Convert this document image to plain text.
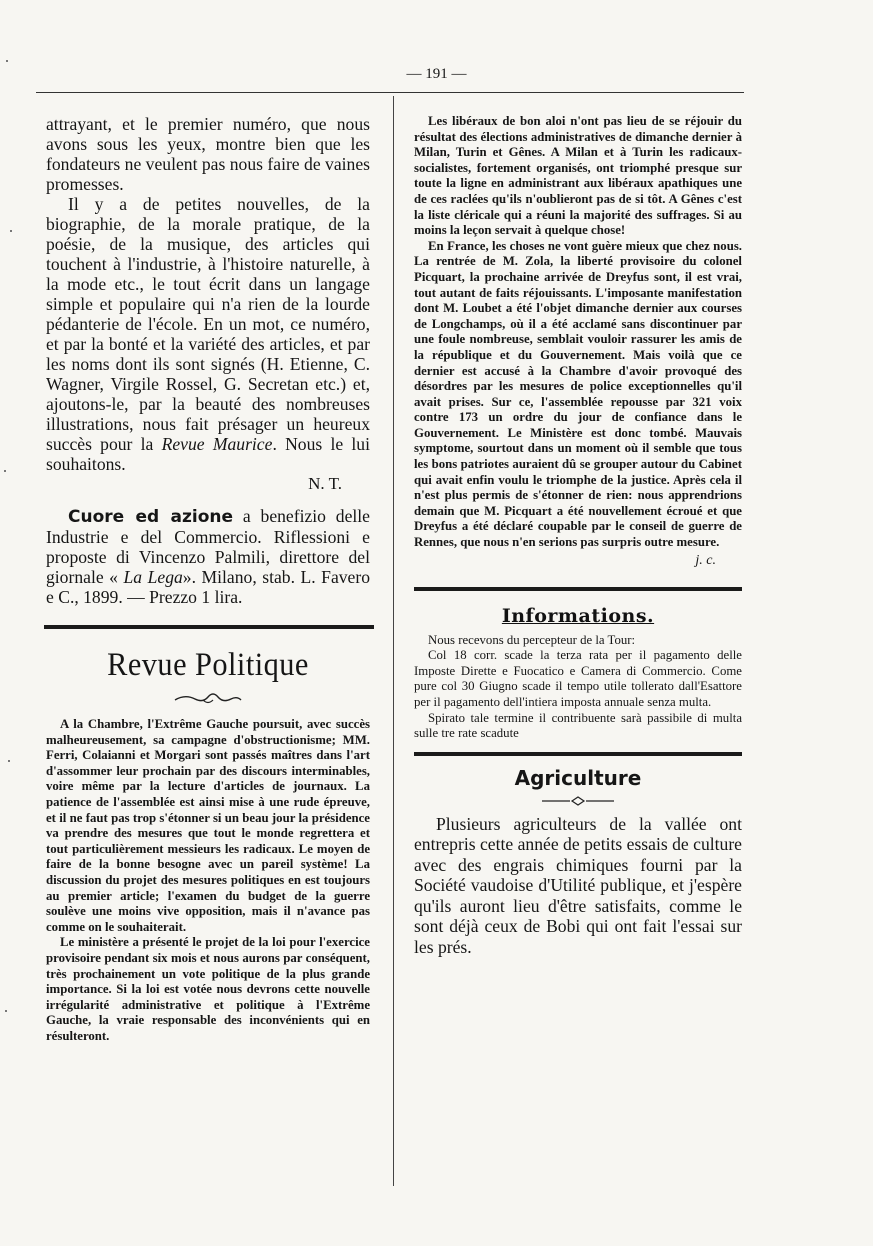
— 191 —

attrayant, et le premier numéro, que nous avons sous les yeux, montre bien que les fondateurs ne veulent pas nous faire de vaines promesses.

Il y a de petites nouvelles, de la biographie, de la morale pratique, de la poésie, de la musique, des articles qui touchent à l'industrie, à l'histoire naturelle, à la mode etc., le tout écrit dans un langage simple et populaire qui n'a rien de la lourde pédanterie de l'école. En un mot, ce numéro, et par la bonté et la variété des articles, et par les noms dont ils sont signés (H. Etienne, C. Wagner, Virgile Rossel, G. Secretan etc.) et, ajoutons-le, par la beauté des nombreuses illustrations, nous fait présager un heureux succès pour la Revue Maurice. Nous le lui souhaitons.

N. T.

Cuore ed azione a benefizio delle Industrie e del Commercio. Riflessioni e proposte di Vincenzo Palmili, direttore del giornale « La Lega». Milano, stab. L. Favero e C., 1899. — Prezzo 1 lira.

Revue Politique

A la Chambre, l'Extrême Gauche poursuit, avec succès malheureusement, sa campagne d'obstructionisme; MM. Ferri, Colaianni et Morgari sont passés maîtres dans l'art d'assommer leur prochain par des discours interminables, voire même par la lecture d'articles de journaux. La patience de l'assemblée est ainsi mise à une rude épreuve, et il ne faut pas trop s'étonner si un beau jour la présidence va prendre des mesures que tout le monde regrettera et tout particulièrement messieurs les radicaux. Le moyen de faire de la bonne besogne avec un pareil système! La discussion du projet des mesures politiques en est toujours au premier article; l'examen du budget de la guerre soulève une moins vive opposition, mais il n'avance pas comme on le souhaiterait.

Le ministère a présenté le projet de la loi pour l'exercice provisoire pendant six mois et nous aurons par conséquent, très prochainement un vote politique de la plus grande importance. Si la loi est votée nous devrons cette nouvelle irrégularité administrative et politique à l'Extrême Gauche, la vraie responsable des inconvénients qui en résulteront.

Les libéraux de bon aloi n'ont pas lieu de se réjouir du résultat des élections administratives de dimanche dernier à Milan, Turin et Gênes. A Milan et à Turin les radicaux-socialistes, fortement organisés, ont triomphé presque sur toute la ligne en administrant aux libéraux apathiques une de ces raclées qu'ils n'oublieront pas de si tôt. A Gênes c'est la liste cléricale qui a réuni la majorité des suffrages. Si au moins la leçon servait à quelque chose!

En France, les choses ne vont guère mieux que chez nous. La rentrée de M. Zola, la liberté provisoire du colonel Picquart, la prochaine arrivée de Dreyfus sont, il est vrai, tout autant de faits réjouissants. L'imposante manifestation dont M. Loubet a été l'objet dimanche dernier aux courses de Longchamps, où il a été acclamé sans discontinuer par une foule nombreuse, semblait vouloir rassurer les amis de la république et du Gouvernement. Mais voilà que ce dernier est accusé à la Chambre d'avoir provoqué des désordres par les mesures de police exceptionnelles qu'il avait prises. Sur ce, l'assemblée repousse par 321 voix contre 173 un ordre du jour de confiance dans le Gouvernement. Le Ministère est donc tombé. Mauvais symptome, sourtout dans un moment où il semble que tous les bons patriotes auraient dû se grouper autour du Cabinet qui avait enfin voulu le triomphe de la justice. Après cela il n'est plus permis de s'étonner de rien: nous apprendrions demain que M. Picquart a été nouvellement écroué et que Dreyfus a été déclaré coupable par le conseil de guerre de Rennes, que nous n'en serions pas surpris outre mesure.

j. c.
Informations.

Nous recevons du percepteur de la Tour:

Col 18 corr. scade la terza rata per il pagamento delle Imposte Dirette e Fuocatico e Camera di Commercio. Come pure col 30 Giugno scade il tempo utile tollerato dall'Esattore per il pagamento dell'intiera imposta annuale senza multa.

Spirato tale termine il contribuente sarà passibile di multa sulle tre rate scadute

Agriculture

Plusieurs agriculteurs de la vallée ont entrepris cette année de petits essais de culture avec des engrais chimiques fourni par la Société vaudoise d'Utilité publique, et j'espère qu'ils auront lieu d'être satisfaits, comme le sont déjà ceux de Bobi qui ont fait l'essai sur les prés.
